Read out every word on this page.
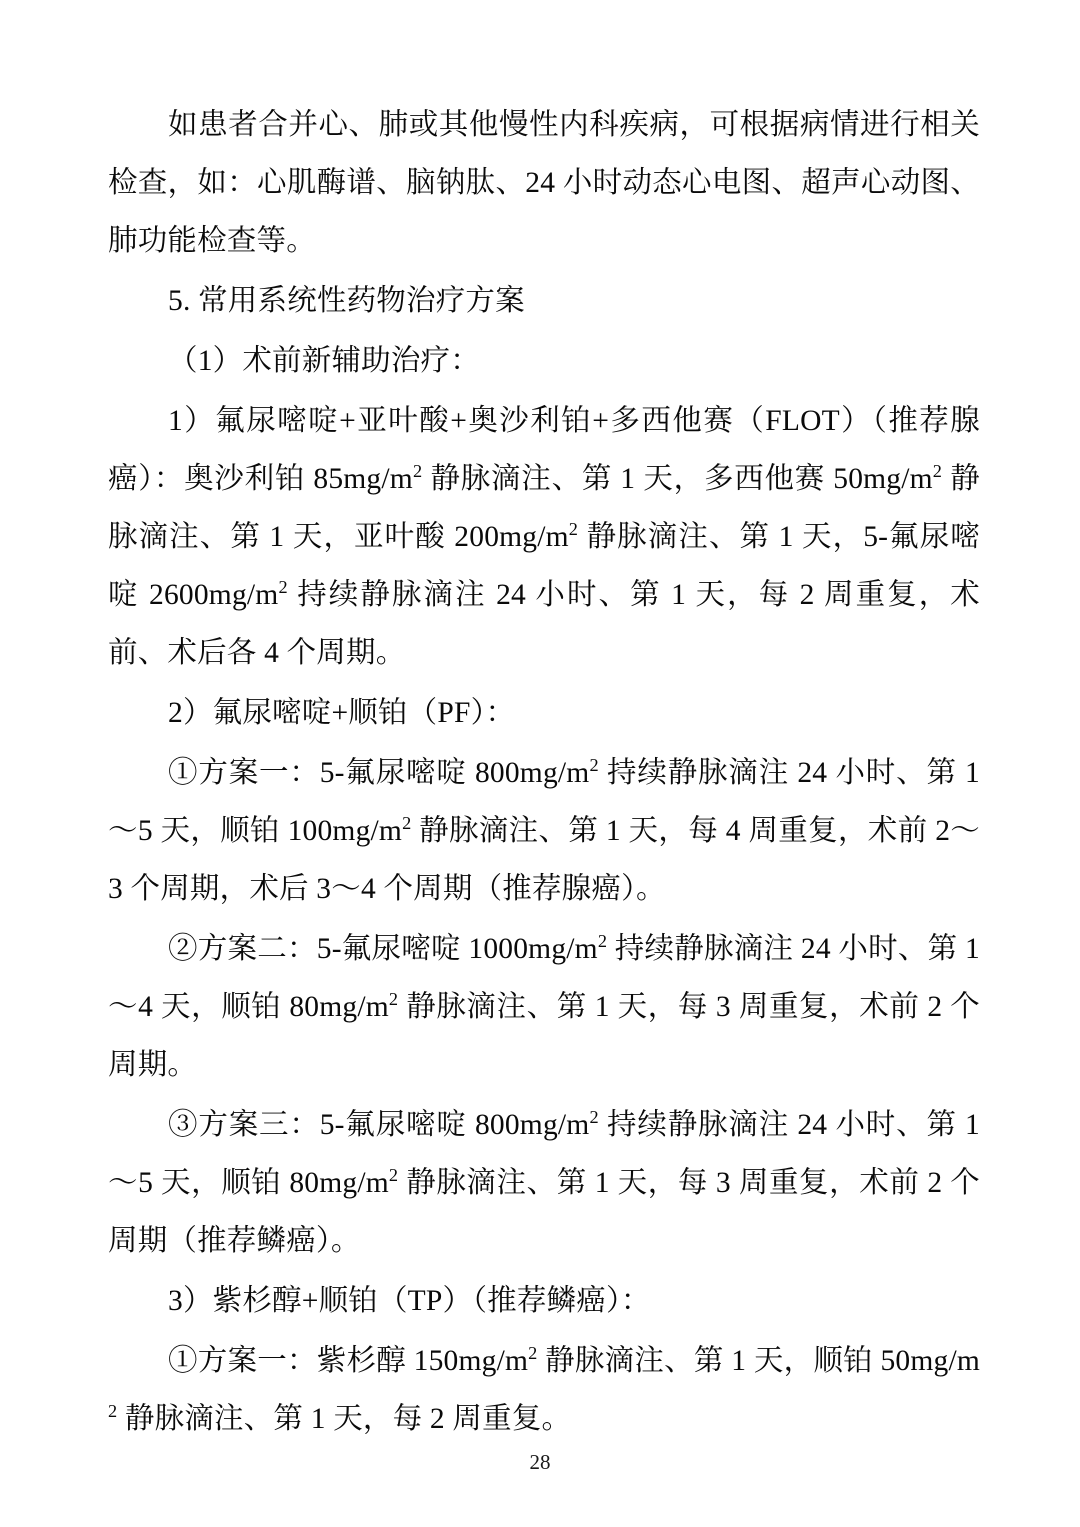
如患者合并心、肺或其他慢性内科疾病，可根据病情进行相关检查，如：心肌酶谱、脑钠肽、24 小时动态心电图、超声心动图、肺功能检查等。

5. 常用系统性药物治疗方案

（1）术前新辅助治疗：

1）氟尿嘧啶+亚叶酸+奥沙利铂+多西他赛（FLOT）（推荐腺癌）：奥沙利铂 $85mg/m^2$ 静脉滴注、第 1 天，多西他赛 $50mg/m^2$ 静脉滴注、第 1 天，亚叶酸 $200mg/m^2$ 静脉滴注、第 1 天，5-氟尿嘧啶 $2600mg/m^2$ 持续静脉滴注 24 小时、第 1 天，每 2 周重复，术前、术后各 4 个周期。

2）氟尿嘧啶+顺铂（PF）：

①方案一：5-氟尿嘧啶 $800mg/m^2$ 持续静脉滴注 24 小时、第 1～5 天，顺铂 $100mg/m^2$ 静脉滴注、第 1 天，每 4 周重复，术前 2～3 个周期，术后 3～4 个周期（推荐腺癌）。

②方案二：5-氟尿嘧啶 $1000mg/m^2$ 持续静脉滴注 24 小时、第 1～4 天，顺铂 $80mg/m^2$ 静脉滴注、第 1 天，每 3 周重复，术前 2 个周期。

③方案三：5-氟尿嘧啶 $800mg/m^2$ 持续静脉滴注 24 小时、第 1～5 天，顺铂 $80mg/m^2$ 静脉滴注、第 1 天，每 3 周重复，术前 2 个周期（推荐鳞癌）。

3）紫杉醇+顺铂（TP）（推荐鳞癌）：

①方案一：紫杉醇 $150mg/m^2$ 静脉滴注、第 1 天，顺铂 $50mg/m^2$ 静脉滴注、第 1 天，每 2 周重复。

28
